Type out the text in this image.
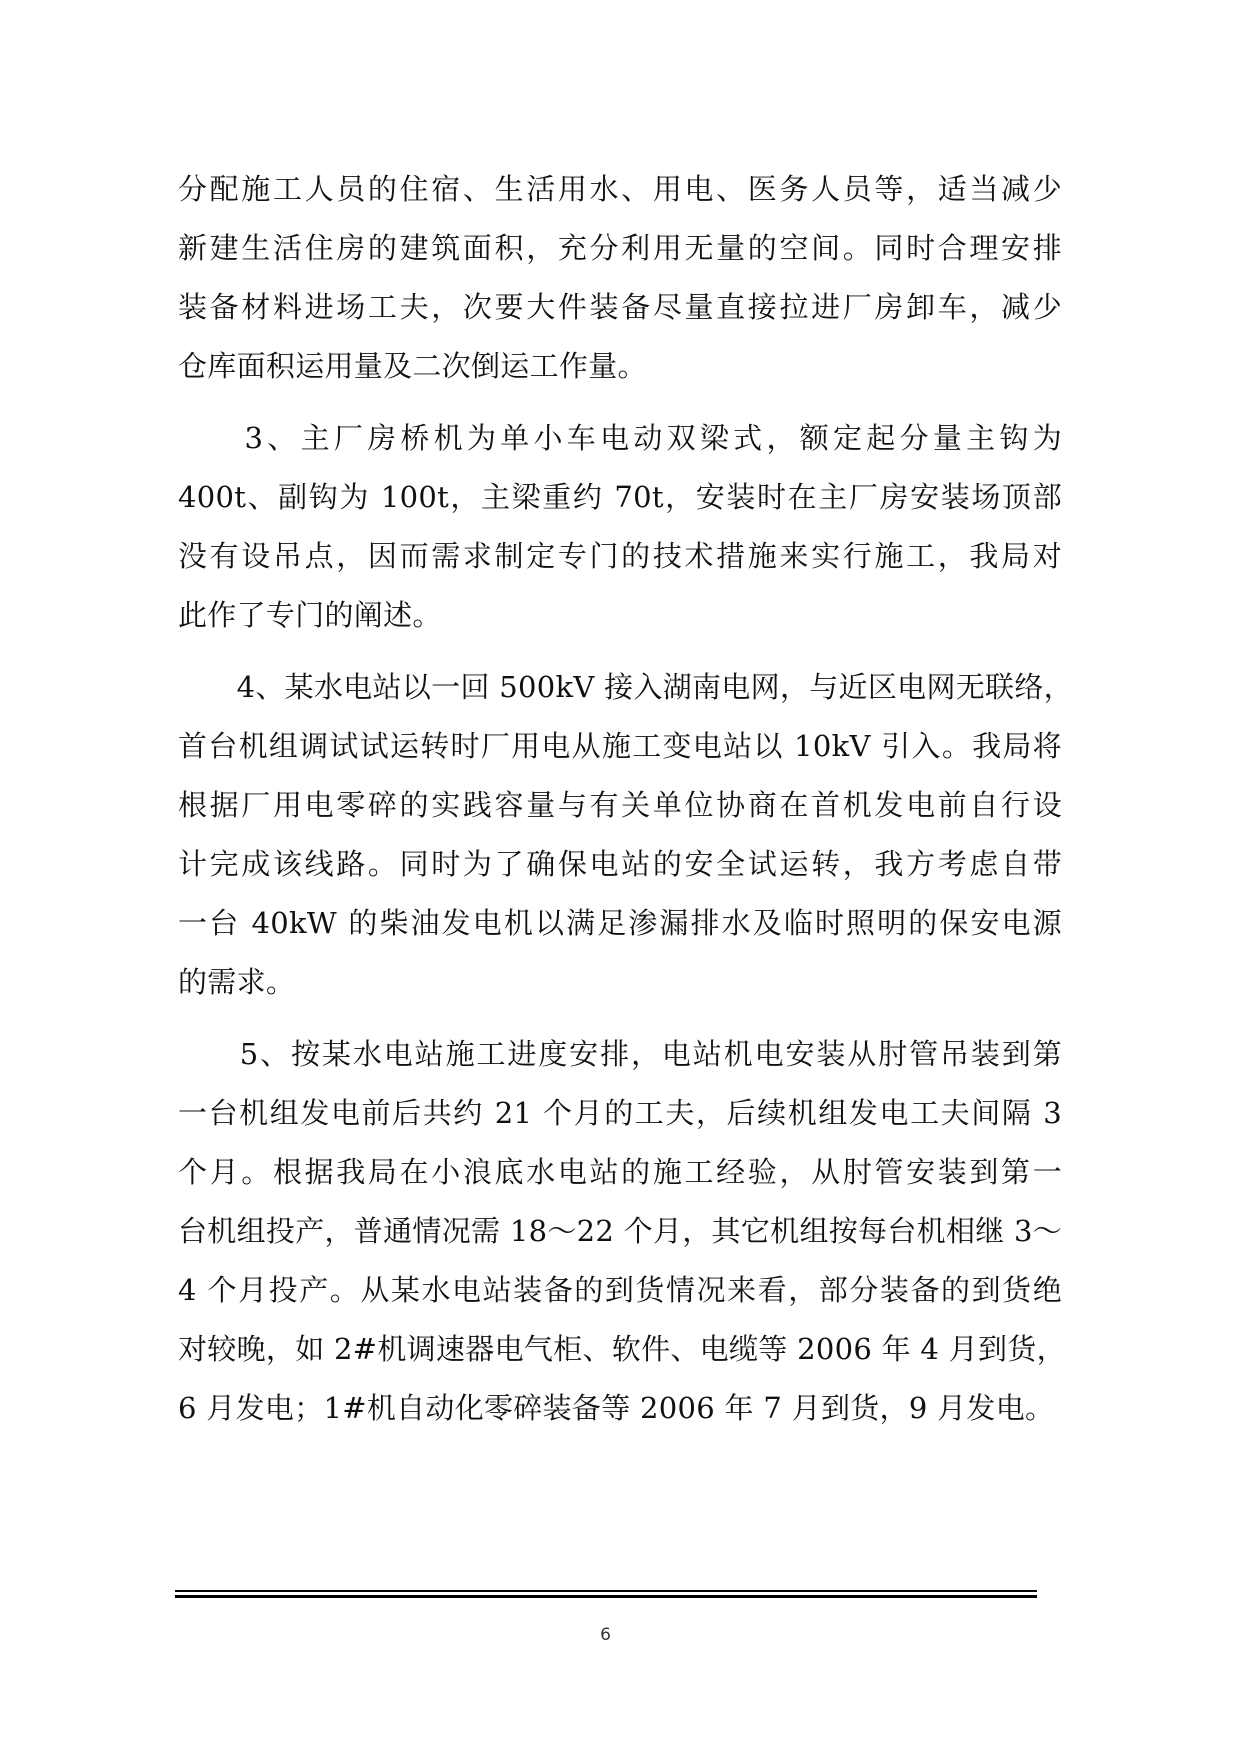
分配施工人员的住宿、生活用水、用电、医务人员等，适当减少
新建生活住房的建筑面积，充分利用无量的空间。同时合理安排
装备材料进场工夫，次要大件装备尽量直接拉进厂房卸车，减少
仓库面积运用量及二次倒运工作量。
　　3、主厂房桥机为单小车电动双梁式，额定起分量主钩为
400t、副钩为 100t，主梁重约 70t，安装时在主厂房安装场顶部
没有设吊点，因而需求制定专门的技术措施来实行施工，我局对
此作了专门的阐述。
　　4、某水电站以一回 500kV 接入湖南电网，与近区电网无联络，
首台机组调试试运转时厂用电从施工变电站以 10kV 引入。我局将
根据厂用电零碎的实践容量与有关单位协商在首机发电前自行设
计完成该线路。同时为了确保电站的安全试运转，我方考虑自带
一台 40kW 的柴油发电机以满足渗漏排水及临时照明的保安电源
的需求。
　　5、按某水电站施工进度安排，电站机电安装从肘管吊装到第
一台机组发电前后共约 21 个月的工夫，后续机组发电工夫间隔 3
个月。根据我局在小浪底水电站的施工经验，从肘管安装到第一
台机组投产，普通情况需 18～22 个月，其它机组按每台机相继 3～
4 个月投产。从某水电站装备的到货情况来看，部分装备的到货绝
对较晚，如 2#机调速器电气柜、软件、电缆等 2006 年 4 月到货，
6 月发电；1#机自动化零碎装备等 2006 年 7 月到货，9 月发电。
6
